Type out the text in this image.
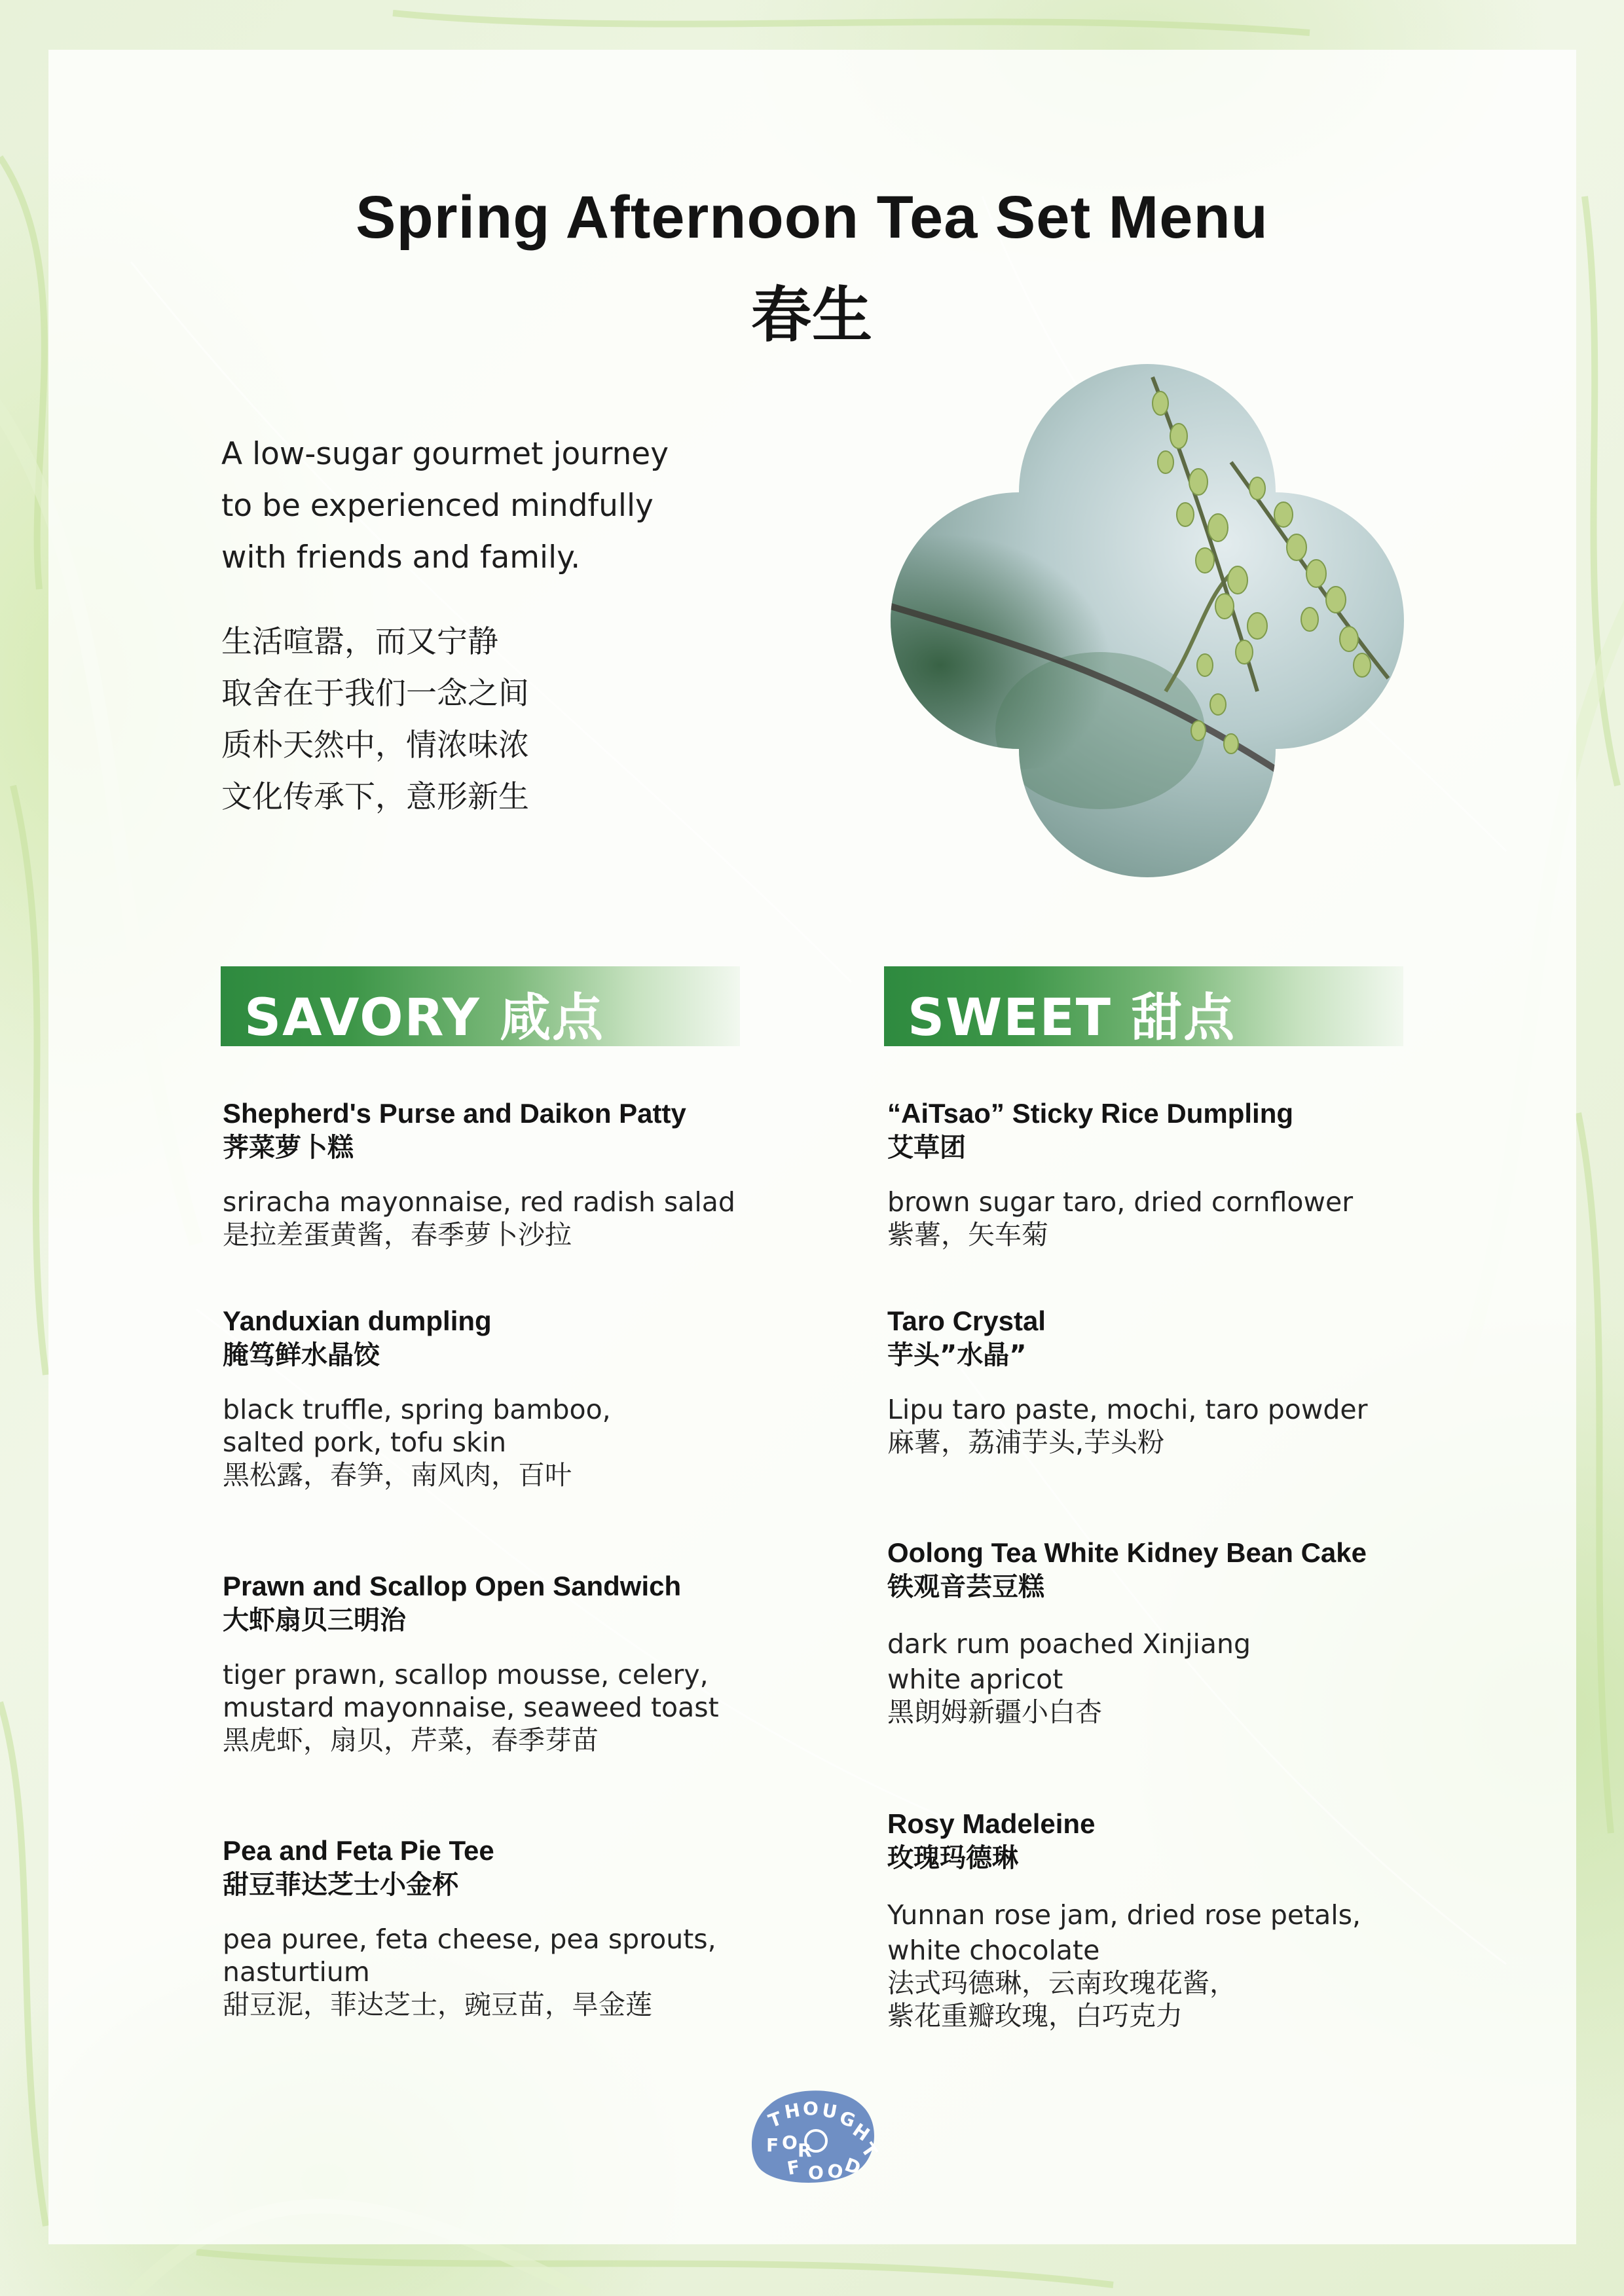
Spring Afternoon Tea Set Menu
春生
A low-sugar gourmet journey
to be experienced mindfully
with friends and family.
生活喧嚣，而又宁静
取舍在于我们一念之间
质朴天然中，情浓味浓
文化传承下，意形新生
SAVORY 咸点
Shepherd's Purse and Daikon Patty
荠菜萝卜糕
sriracha mayonnaise, red radish salad
是拉差蛋黄酱，春季萝卜沙拉
Yanduxian dumpling
腌笃鲜水晶饺
black truffle, spring bamboo,
salted pork, tofu skin
黑松露，春笋，南风肉，百叶
Prawn and Scallop Open Sandwich
大虾扇贝三明治
tiger prawn, scallop mousse, celery,
mustard mayonnaise, seaweed toast
黑虎虾，扇贝，芹菜，春季芽苗
Pea and Feta Pie Tee
甜豆菲达芝士小金杯
pea puree, feta cheese, pea sprouts,
nasturtium
甜豆泥，菲达芝士，豌豆苗，旱金莲
SWEET 甜点
“AiTsao” Sticky Rice Dumpling
艾草团
brown sugar taro, dried cornflower
紫薯，矢车菊
Taro Crystal
芋头”水晶”
Lipu taro paste, mochi, taro powder
麻薯，荔浦芋头,芋头粉
Oolong Tea White Kidney Bean Cake
铁观音芸豆糕
dark rum poached Xinjiang
white apricot
黑朗姆新疆小白杏
Rosy Madeleine
玫瑰玛德琳
Yunnan rose jam, dried rose petals,
white chocolate
法式玛德琳，云南玫瑰花酱，
紫花重瓣玫瑰，白巧克力
T
H O U
G
H
T
F O R
F O O
D
